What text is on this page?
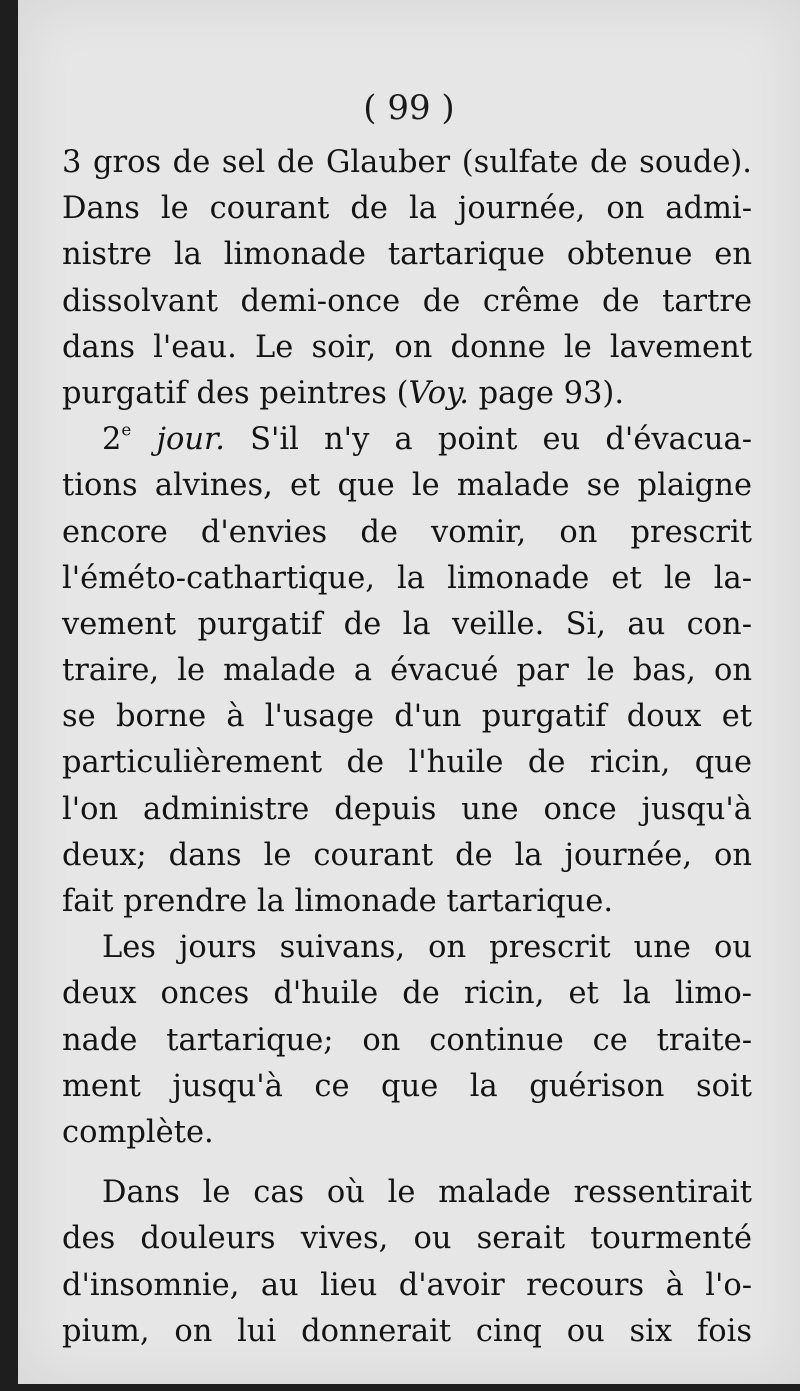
( 99 )
3 gros de sel de Glauber (sulfate de soude).
Dans le courant de la journée, on admi-
nistre la limonade tartarique obtenue en
dissolvant demi-once de crême de tartre
dans l'eau. Le soir, on donne le lavement
purgatif des peintres (Voy. page 93).
2e jour. S'il n'y a point eu d'évacua-
tions alvines, et que le malade se plaigne
encore d'envies de vomir, on prescrit
l'éméto-cathartique, la limonade et le la-
vement purgatif de la veille. Si, au con-
traire, le malade a évacué par le bas, on
se borne à l'usage d'un purgatif doux et
particulièrement de l'huile de ricin, que
l'on administre depuis une once jusqu'à
deux; dans le courant de la journée, on
fait prendre la limonade tartarique.
Les jours suivans, on prescrit une ou
deux onces d'huile de ricin, et la limo-
nade tartarique; on continue ce traite-
ment jusqu'à ce que la guérison soit
complète.
Dans le cas où le malade ressentirait
des douleurs vives, ou serait tourmenté
d'insomnie, au lieu d'avoir recours à l'o-
pium, on lui donnerait cinq ou six fois
